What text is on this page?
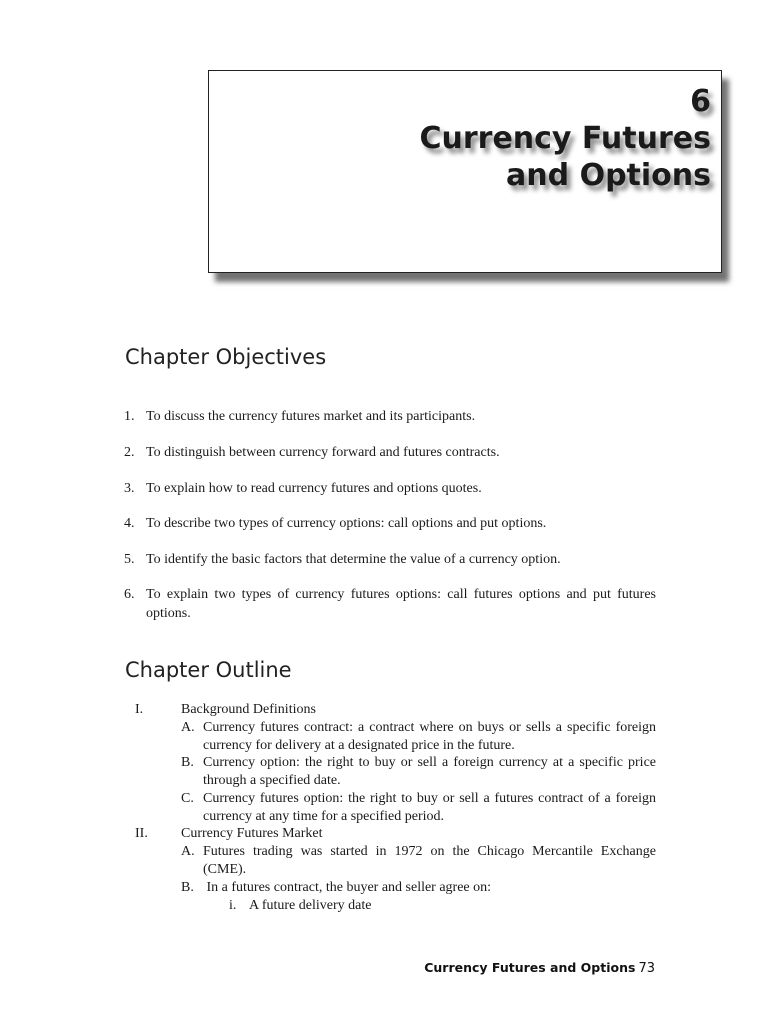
6
Currency Futures
and Options
Chapter Objectives
1. To discuss the currency futures market and its participants.
2. To distinguish between currency forward and futures contracts.
3. To explain how to read currency futures and options quotes.
4. To describe two types of currency options: call options and put options.
5. To identify the basic factors that determine the value of a currency option.
6. To explain two types of currency futures options: call futures options and put futures options.
Chapter Outline
I.	Background Definitions
A. Currency futures contract: a contract where on buys or sells a specific foreign currency for delivery at a designated price in the future.
B. Currency option: the right to buy or sell a foreign currency at a specific price through a specified date.
C. Currency futures option: the right to buy or sell a futures contract of a foreign currency at any time for a specified period.
II. Currency Futures Market
A. Futures trading was started in 1972 on the Chicago Mercantile Exchange (CME).
B. In a futures contract, the buyer and seller agree on:
i. A future delivery date
Currency Futures and Options 73
